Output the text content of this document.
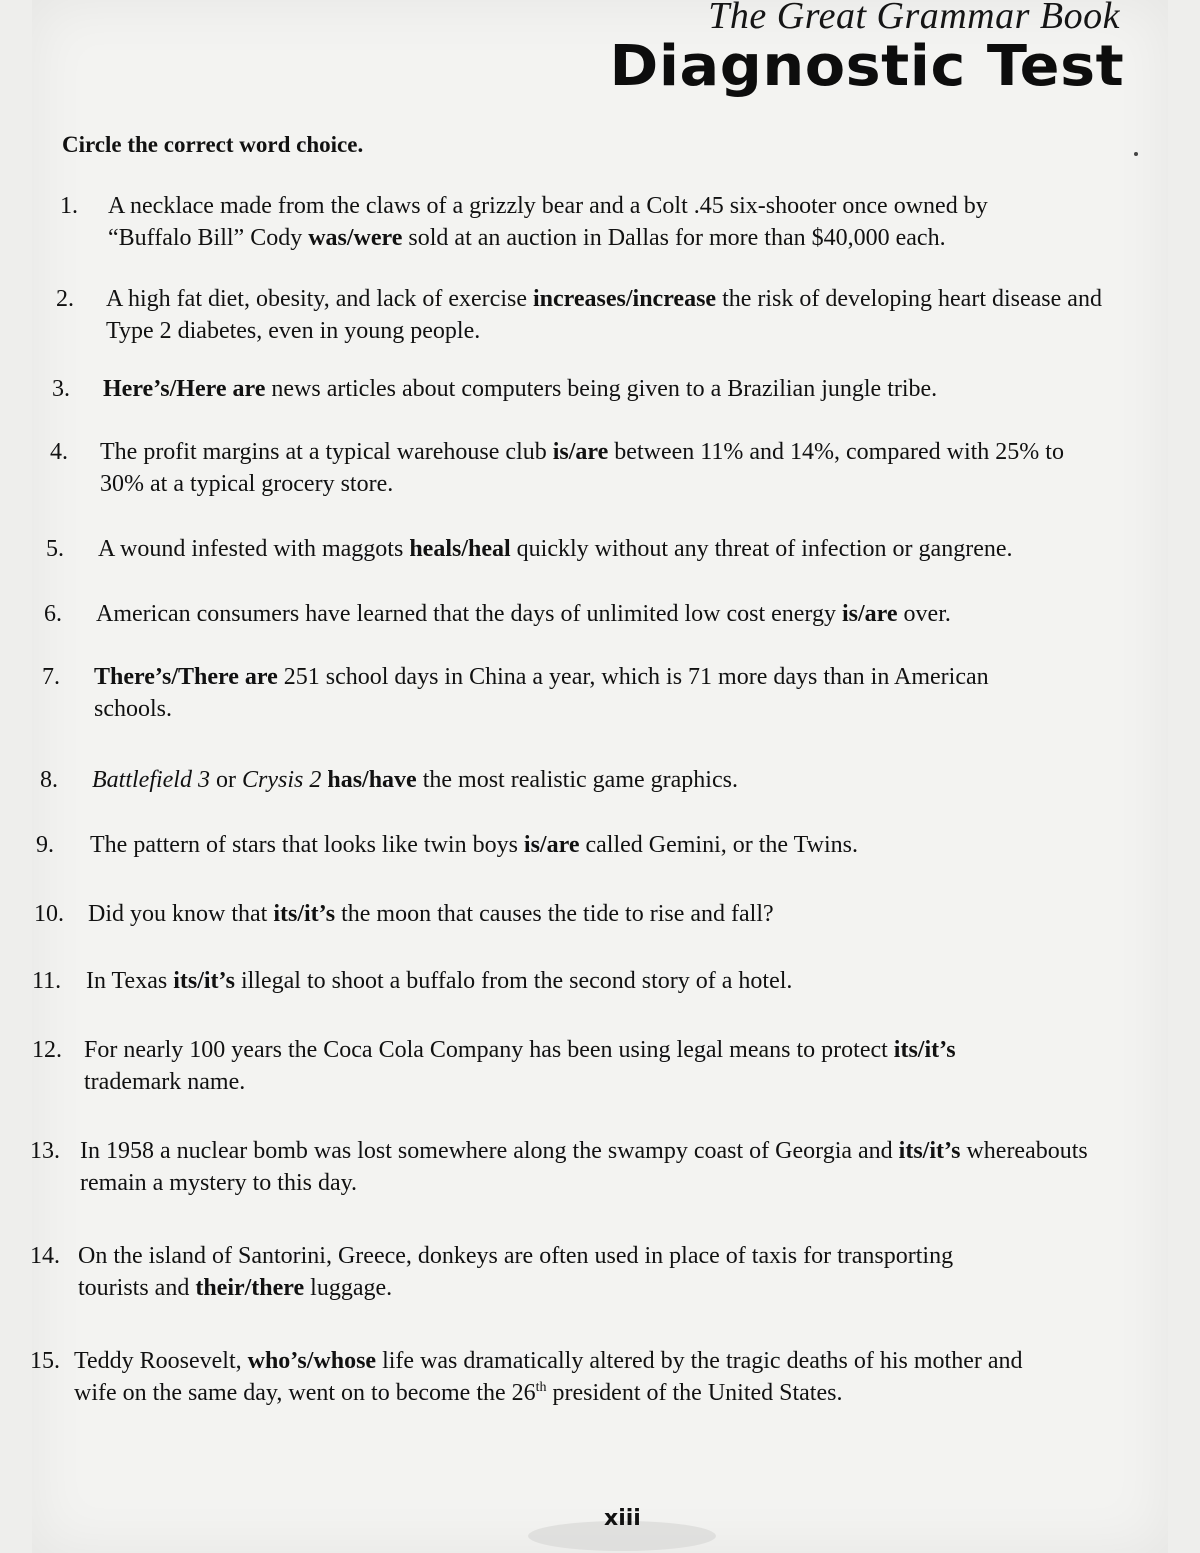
The Great Grammar Book
Diagnostic Test
Circle the correct word choice.
1. A necklace made from the claws of a grizzly bear and a Colt .45 six-shooter once owned by “Buffalo Bill” Cody was/were sold at an auction in Dallas for more than $40,000 each.
2. A high fat diet, obesity, and lack of exercise increases/increase the risk of developing heart disease and Type 2 diabetes, even in young people.
3. Here’s/Here are news articles about computers being given to a Brazilian jungle tribe.
4. The profit margins at a typical warehouse club is/are between 11% and 14%, compared with 25% to 30% at a typical grocery store.
5. A wound infested with maggots heals/heal quickly without any threat of infection or gangrene.
6. American consumers have learned that the days of unlimited low cost energy is/are over.
7. There’s/There are 251 school days in China a year, which is 71 more days than in American schools.
8. Battlefield 3 or Crysis 2 has/have the most realistic game graphics.
9. The pattern of stars that looks like twin boys is/are called Gemini, or the Twins.
10. Did you know that its/it’s the moon that causes the tide to rise and fall?
11. In Texas its/it’s illegal to shoot a buffalo from the second story of a hotel.
12. For nearly 100 years the Coca Cola Company has been using legal means to protect its/it’s trademark name.
13. In 1958 a nuclear bomb was lost somewhere along the swampy coast of Georgia and its/it’s whereabouts remain a mystery to this day.
14. On the island of Santorini, Greece, donkeys are often used in place of taxis for transporting tourists and their/there luggage.
15. Teddy Roosevelt, who’s/whose life was dramatically altered by the tragic deaths of his mother and wife on the same day, went on to become the 26th president of the United States.
xiii
